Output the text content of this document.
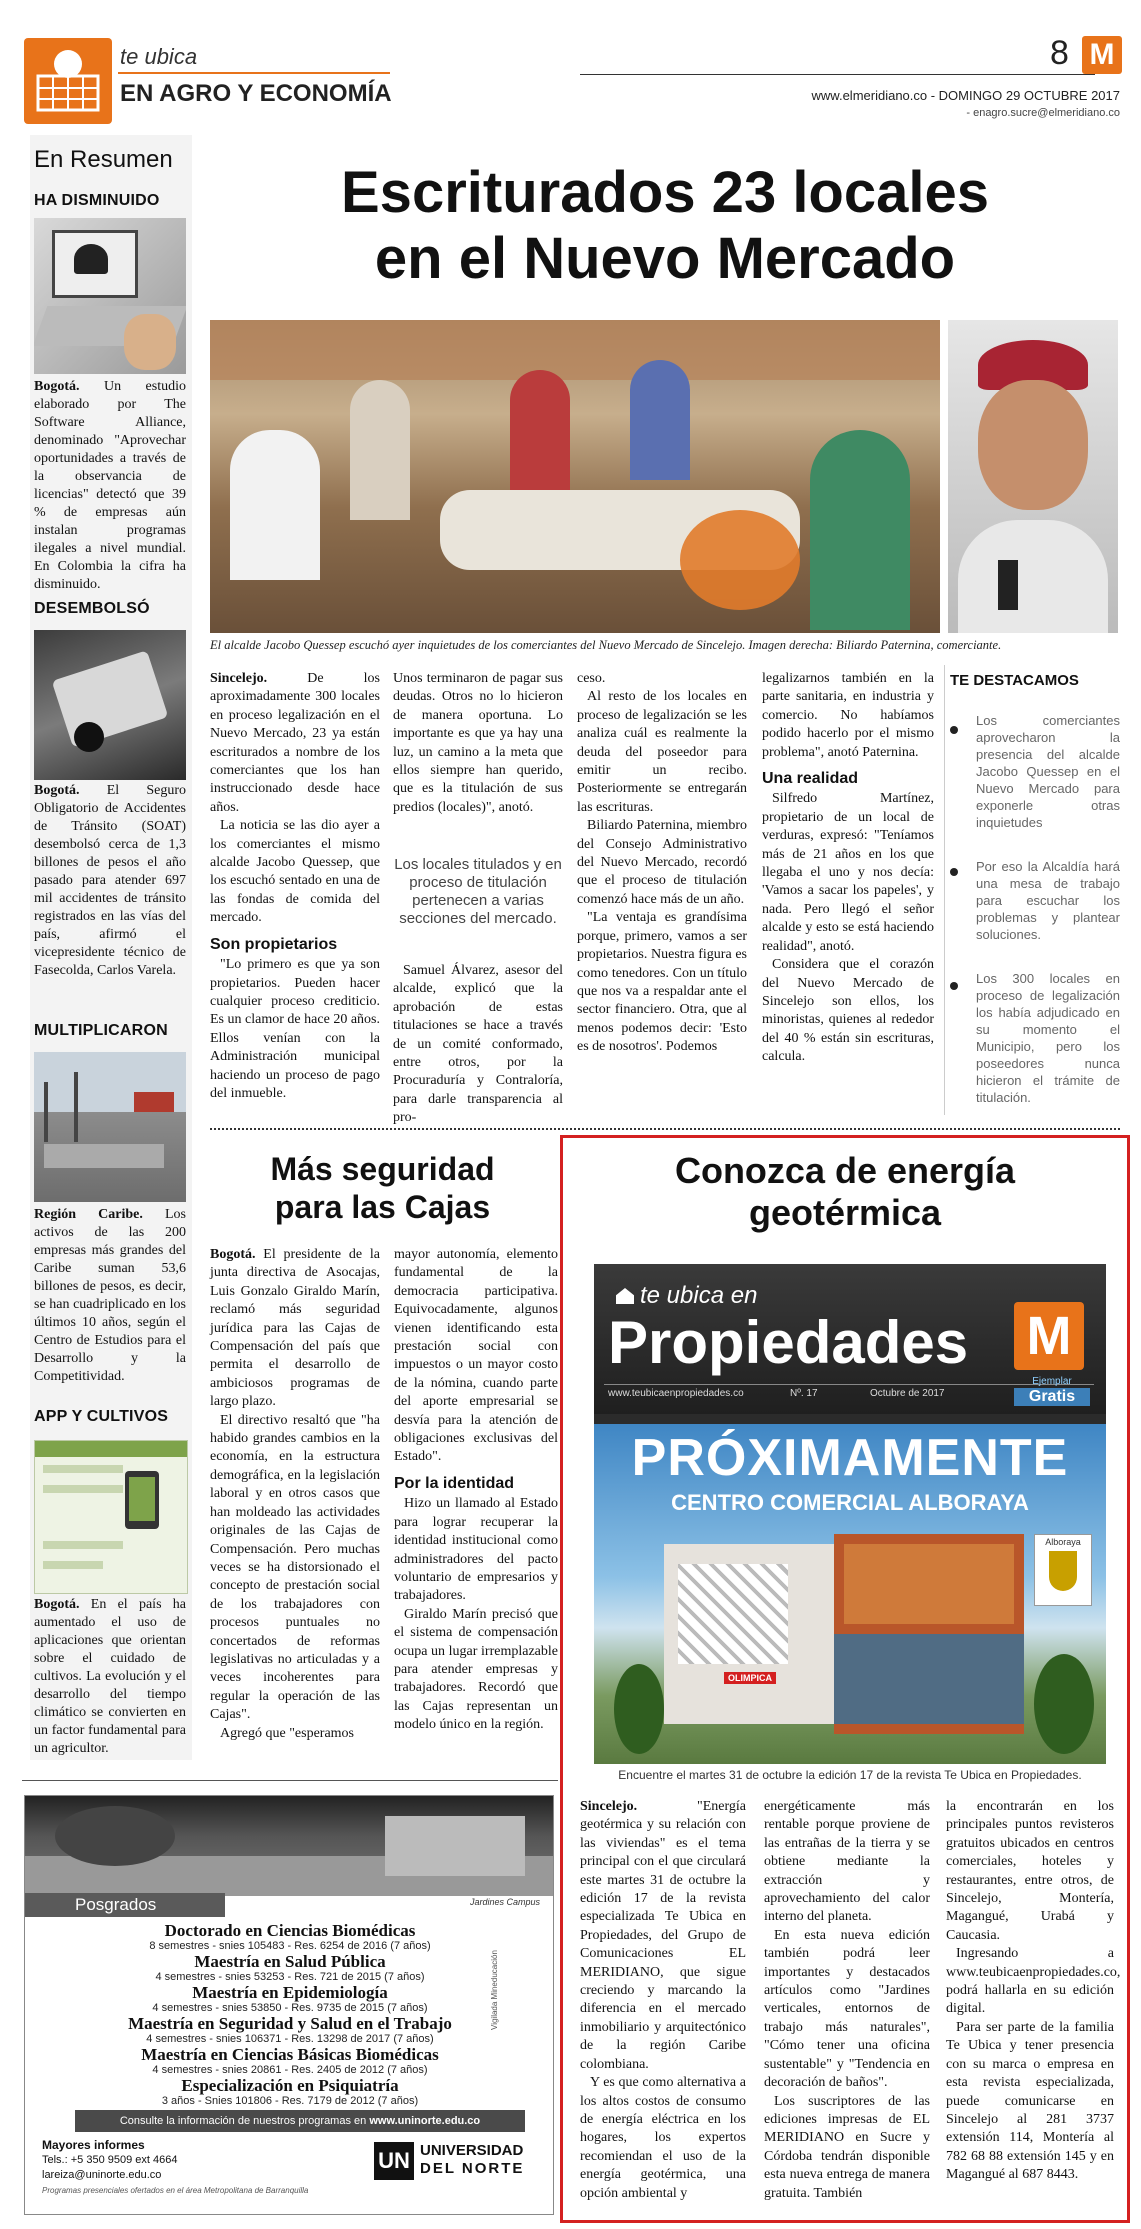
te ubica
EN AGRO Y ECONOMÍA
8 M
www.elmeridiano.co - DOMINGO 29 OCTUBRE 2017
- enagro.sucre@elmeridiano.co
En Resumen
HA DISMINUIDO
Bogotá. Un estudio elaborado por The Software Alliance, denominado "Aprovechar oportunidades a través de la observancia de licencias" detectó que 39 % de empresas aún instalan programas ilegales a nivel mundial. En Colombia la cifra ha disminuido.
DESEMBOLSÓ
Bogotá. El Seguro Obligatorio de Accidentes de Tránsito (SOAT) desembolsó cerca de 1,3 billones de pesos el año pasado para atender 697 mil accidentes de tránsito registrados en las vías del país, afirmó el vicepresidente técnico de Fasecolda, Carlos Varela.
MULTIPLICARON
Región Caribe. Los activos de las 200 empresas más grandes del Caribe suman 53,6 billones de pesos, es decir, se han cuadriplicado en los últimos 10 años, según el Centro de Estudios para el Desarrollo y la Competitividad.
APP Y CULTIVOS
Bogotá. En el país ha aumentado el uso de aplicaciones que orientan sobre el cuidado de cultivos. La evolución y el desarrollo del tiempo climático se convierten en un factor fundamental para un agricultor.
Escriturados 23 locales
en el Nuevo Mercado
El alcalde Jacobo Quessep escuchó ayer inquietudes de los comerciantes del Nuevo Mercado de Sincelejo. Imagen derecha: Biliardo Paternina, comerciante.

Sincelejo. De los aproximadamente 300 locales en proceso legalización en el Nuevo Mercado, 23 ya están escriturados a nombre de los comerciantes que los han instruccionado desde hace años.

La noticia se las dio ayer a los comerciantes el mismo alcalde Jacobo Quessep, que los escuchó sentado en una de las fondas de comida del mercado.

Son propietarios

"Lo primero es que ya son propietarios. Pueden hacer cualquier proceso crediticio. Es un clamor de hace 20 años. Ellos venían con la Administración municipal haciendo un proceso de pago del inmueble.

Unos terminaron de pagar sus deudas. Otros no lo hicieron de manera oportuna. Lo importante es que ya hay una luz, un camino a la meta que ellos siempre han querido, que es la titulación de sus predios (locales)", anotó.

Los locales titulados y en proceso de titulación pertenecen a varias secciones del mercado.

Samuel Álvarez, asesor del alcalde, explicó que la aprobación de estas titulaciones se hace a través de un comité conformado, entre otros, por la Procuraduría y Contraloría, para darle transparencia al pro-

ceso.

Al resto de los locales en proceso de legalización se les analiza cuál es realmente la deuda del poseedor para emitir un recibo. Posteriormente se entregarán las escrituras.

Biliardo Paternina, miembro del Consejo Administrativo del Nuevo Mercado, recordó que el proceso de titulación comenzó hace más de un año.

"La ventaja es grandísima porque, primero, vamos a ser propietarios. Nuestra figura es como tenedores. Con un título que nos va a respaldar ante el sector financiero. Otra, que al menos podemos decir: 'Esto es de nosotros'. Podemos

legalizarnos también en la parte sanitaria, en industria y comercio. No habíamos podido hacerlo por el mismo problema", anotó Paternina.

Una realidad

Silfredo Martínez, propietario de un local de verduras, expresó: "Teníamos más de 21 años en los que llegaba el uno y nos decía: 'Vamos a sacar los papeles', y nada. Pero llegó el señor alcalde y esto se está haciendo realidad", anotó.

Considera que el corazón del Nuevo Mercado de Sincelejo son ellos, los minoristas, quienes al rededor del 40 % están sin escrituras, calcula.

TE DESTACAMOS
Los comerciantes aprovecharon la presencia del alcalde Jacobo Quessep en el Nuevo Mercado para exponerle otras inquietudes
Por eso la Alcaldía hará una mesa de trabajo para escuchar los problemas y plantear soluciones.
Los 300 locales en proceso de legalización los había adjudicado en su momento el Municipio, pero los poseedores nunca hicieron el trámite de titulación.
Más seguridad
para las Cajas

Bogotá. El presidente de la junta directiva de Asocajas, Luis Gonzalo Giraldo Marín, reclamó más seguridad jurídica para las Cajas de Compensación del país que permita el desarrollo de ambiciosos programas de largo plazo.

El directivo resaltó que "ha habido grandes cambios en la economía, en la estructura demográfica, en la legislación laboral y en otros casos que han moldeado las actividades originales de las Cajas de Compensación. Pero muchas veces se ha distorsionado el concepto de prestación social de los trabajadores con procesos puntuales no concertados de reformas legislativas no articuladas y a veces incoherentes para regular la operación de las Cajas".

Agregó que "esperamos

mayor autonomía, elemento fundamental de la democracia participativa. Equivocadamente, algunos vienen identificando esta prestación social con impuestos o un mayor costo de la nómina, cuando parte del aporte empresarial se desvía para la atención de obligaciones exclusivas del Estado".

Por la identidad

Hizo un llamado al Estado para lograr recuperar la identidad institucional como administradores del pacto voluntario de empresarios y trabajadores.

Giraldo Marín precisó que el sistema de compensación ocupa un lugar irremplazable para atender empresas y trabajadores. Recordó que las Cajas representan un modelo único en la región.

Conozca de energía
geotérmica
te ubica en
Propiedades M
www.teubicaenpropiedades.co	Nº. 17	Octubre de 2017
Ejemplar
Gratis
PRÓXIMAMENTE
CENTRO COMERCIAL ALBORAYA
OLIMPICA
Alboraya
Encuentre el martes 31 de octubre la edición 17 de la revista Te Ubica en Propiedades.

Sincelejo. "Energía geotérmica y su relación con las viviendas" es el tema principal con el que circulará este martes 31 de octubre la edición 17 de la revista especializada Te Ubica en Propiedades, del Grupo de Comunicaciones EL MERIDIANO, que sigue creciendo y marcando la diferencia en el mercado inmobiliario y arquitectónico de la región Caribe colombiana.

Y es que como alternativa a los altos costos de consumo de energía eléctrica en los hogares, los expertos recomiendan el uso de la energía geotérmica, una opción ambiental y

energéticamente más rentable porque proviene de las entrañas de la tierra y se obtiene mediante la extracción y aprovechamiento del calor interno del planeta.

En esta nueva edición también podrá leer importantes y destacados artículos como "Jardines verticales, entornos de trabajo más naturales", "Cómo tener una oficina sustentable" y "Tendencia en decoración de baños".

Los suscriptores de las ediciones impresas de EL MERIDIANO en Sucre y Córdoba tendrán disponible esta nueva entrega de manera gratuita. También

la encontrarán en los principales puntos revisteros gratuitos ubicados en centros comerciales, hoteles y restaurantes, entre otros, de Sincelejo, Montería, Magangué, Urabá y Caucasia.

Ingresando a www.teubicaenpropiedades.co, podrá hallarla en su edición digital.

Para ser parte de la familia Te Ubica y tener presencia con su marca o empresa en esta revista especializada, puede comunicarse en Sincelejo al 281 3737 extensión 114, Montería al 782 68 88 extensión 145 y en Magangué al 687 8443.

Jardines Campus
Posgrados
Doctorado en Ciencias Biomédicas
8 semestres - snies 105483 - Res. 6254 de 2016 (7 años)
Maestría en Salud Pública
4 semestres - snies 53253 - Res. 721 de 2015 (7 años)
Maestría en Epidemiología
4 semestres - snies 53850 - Res. 9735 de 2015 (7 años)
Maestría en Seguridad y Salud en el Trabajo
4 semestres - snies 106371 - Res. 13298 de 2017 (7 años)
Maestría en Ciencias Básicas Biomédicas
4 semestres - snies 20861 - Res. 2405 de 2012 (7 años)
Especialización en Psiquiatría
3 años - Snies 101806 - Res. 7179 de 2012 (7 años)
Vigilada Mineducación
Consulte la información de nuestros programas en www.uninorte.edu.co
Mayores informes
Tels.: +5 350 9509 ext 4664
lareiza@uninorte.edu.co
Programas presenciales ofertados en el área Metropolitana de Barranquilla
UN UNIVERSIDAD
DEL NORTE
